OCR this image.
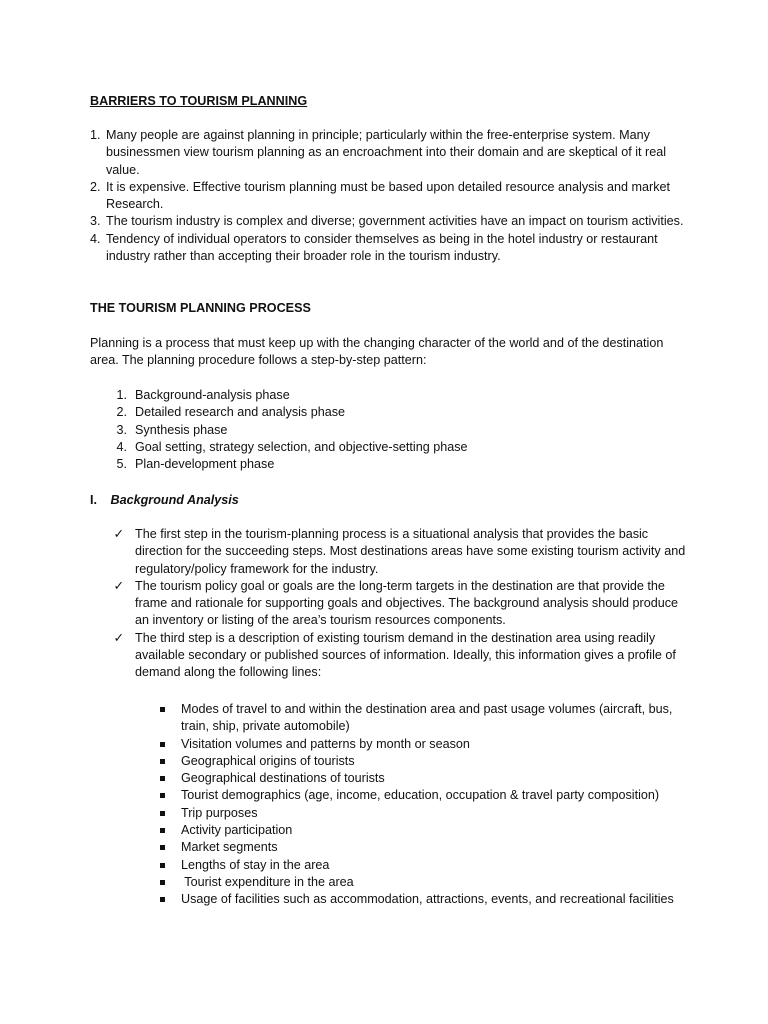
BARRIERS TO TOURISM PLANNING
1. Many people are against planning in principle; particularly within the free-enterprise system. Many businessmen view tourism planning as an encroachment into their domain and are skeptical of it real value.
2. It is expensive. Effective tourism planning must be based upon detailed resource analysis and market Research.
3. The tourism industry is complex and diverse; government activities have an impact on tourism activities.
4. Tendency of individual operators to consider themselves as being in the hotel industry or restaurant industry rather than accepting their broader role in the tourism industry.
THE TOURISM PLANNING PROCESS
Planning is a process that must keep up with the changing character of the world and of the destination area. The planning procedure follows a step-by-step pattern:
1. Background-analysis phase
2. Detailed research and analysis phase
3. Synthesis phase
4. Goal setting, strategy selection, and objective-setting phase
5. Plan-development phase
I. Background Analysis
✓ The first step in the tourism-planning process is a situational analysis that provides the basic direction for the succeeding steps. Most destinations areas have some existing tourism activity and regulatory/policy framework for the industry.
✓ The tourism policy goal or goals are the long-term targets in the destination are that provide the frame and rationale for supporting goals and objectives. The background analysis should produce an inventory or listing of the area’s tourism resources components.
✓ The third step is a description of existing tourism demand in the destination area using readily available secondary or published sources of information. Ideally, this information gives a profile of demand along the following lines:
Modes of travel to and within the destination area and past usage volumes (aircraft, bus, train, ship, private automobile)
Visitation volumes and patterns by month or season
Geographical origins of tourists
Geographical destinations of tourists
Tourist demographics (age, income, education, occupation & travel party composition)
Trip purposes
Activity participation
Market segments
Lengths of stay in the area
Tourist expenditure in the area
Usage of facilities such as accommodation, attractions, events, and recreational facilities
